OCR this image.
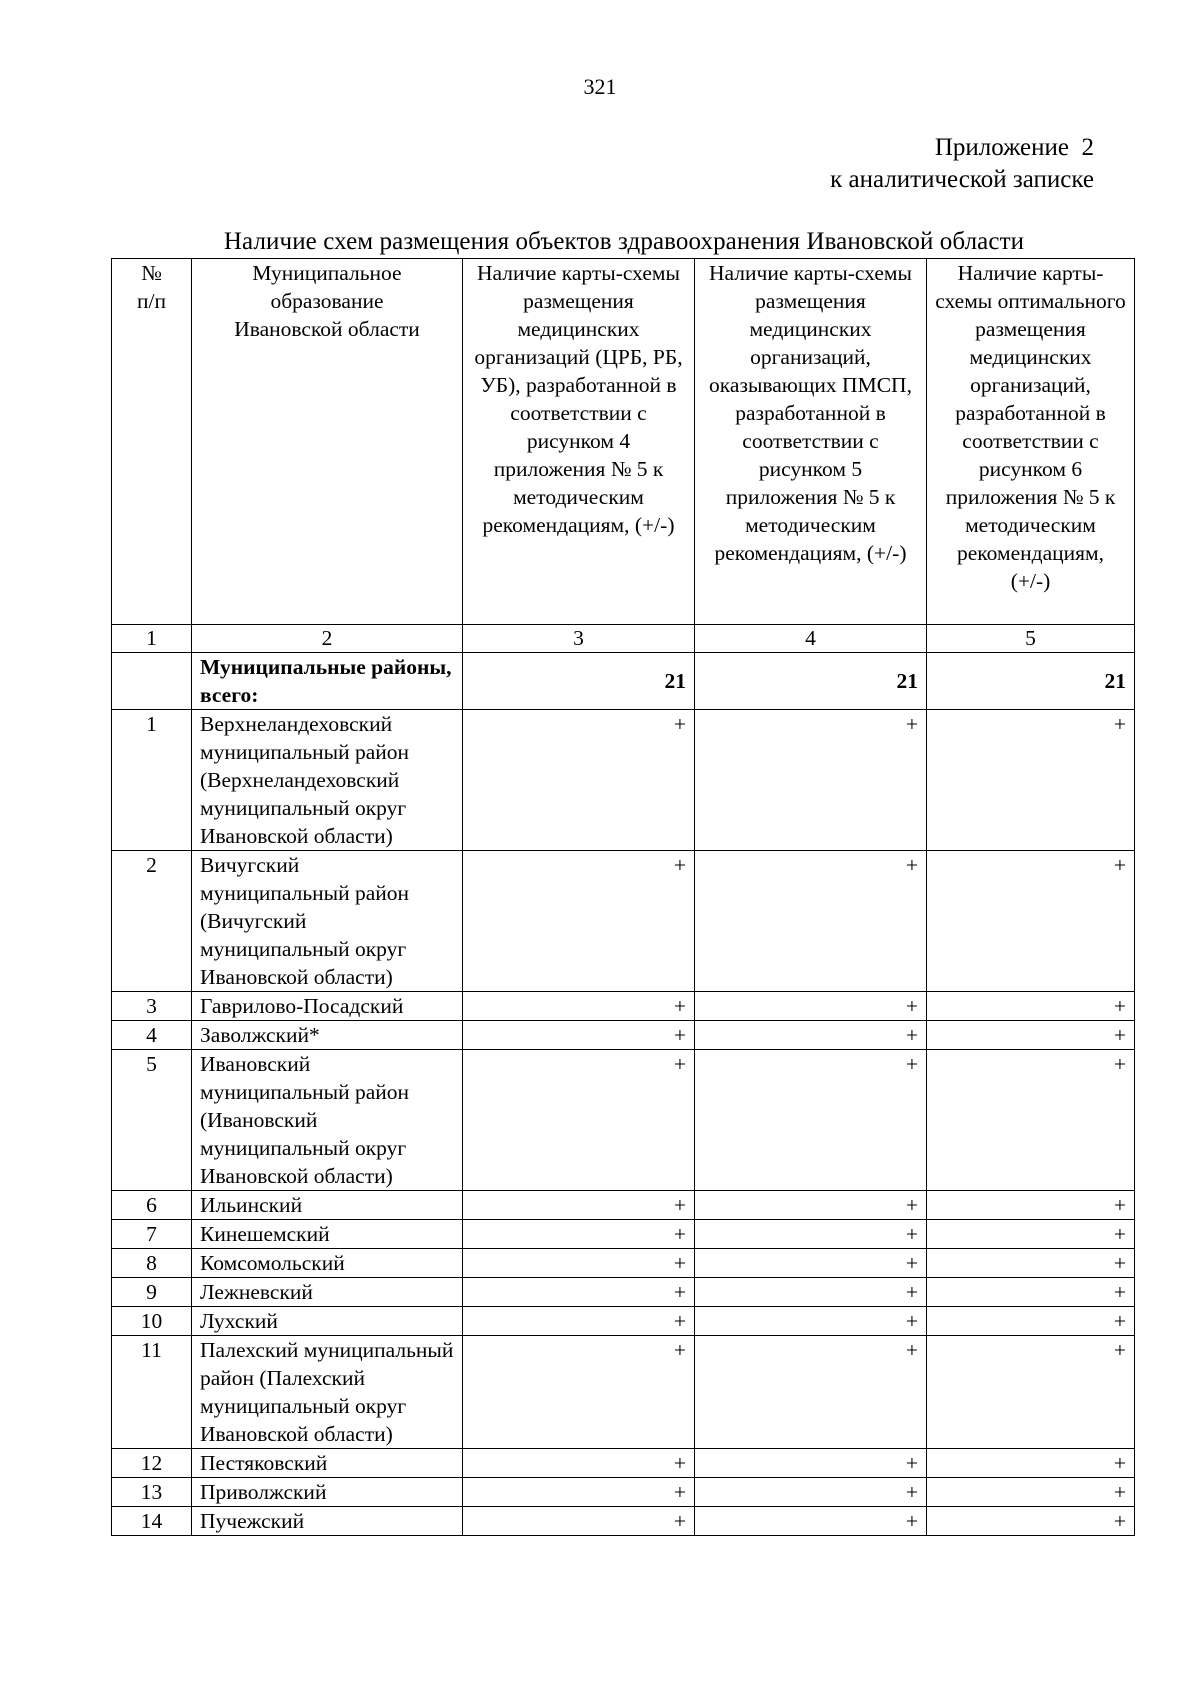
321
Приложение  2
к аналитической записке
Наличие схем размещения объектов здравоохранения Ивановской области
№ п/п	Муниципальное образование Ивановской области	Наличие карты-схемы размещения медицинских организаций (ЦРБ, РБ, УБ), разработанной в соответствии с рисунком 4 приложения № 5 к методическим рекомендациям, (+/-)	Наличие карты-схемы размещения медицинских организаций, оказывающих ПМСП, разработанной в соответствии с рисунком 5 приложения № 5 к методическим рекомендациям, (+/-)	Наличие карты-схемы оптимального размещения медицинских организаций, разработанной в соответствии с рисунком 6 приложения № 5 к методическим рекомендациям, (+/-)
1	2	3	4	5
	Муниципальные районы, всего:	21	21	21
1	Верхнеландеховский муниципальный район (Верхнеландеховский муниципальный округ Ивановской области)	+	+	+
2	Вичугский муниципальный район (Вичугский муниципальный округ Ивановской области)	+	+	+
3	Гаврилово-Посадский	+	+	+
4	Заволжский*	+	+	+
5	Ивановский муниципальный район (Ивановский муниципальный округ Ивановской области)	+	+	+
6	Ильинский	+	+	+
7	Кинешемский	+	+	+
8	Комсомольский	+	+	+
9	Лежневский	+	+	+
10	Лухский	+	+	+
11	Палехский муниципальный район (Палехский муниципальный округ Ивановской области)	+	+	+
12	Пестяковский	+	+	+
13	Приволжский	+	+	+
14	Пучежский	+	+	+
